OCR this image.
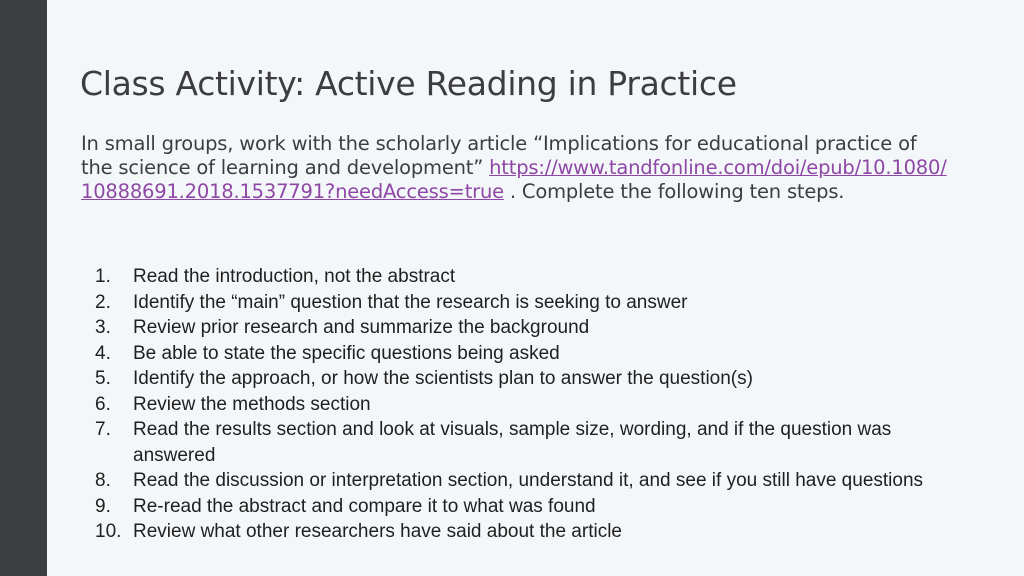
Class Activity: Active Reading in Practice

In small groups, work with the scholarly article “Implications for educational practice of the science of learning and development” https://www.tandfonline.com/doi/epub/10.1080/10888691.2018.1537791?needAccess=true . Complete the following ten steps.

1.	Read the introduction, not the abstract
2.	Identify the “main” question that the research is seeking to answer
3.	Review prior research and summarize the background
4.	Be able to state the specific questions being asked
5.	Identify the approach, or how the scientists plan to answer the question(s)
6.	Review the methods section
7.	Read the results section and look at visuals, sample size, wording, and if the question was answered
8.	Read the discussion or interpretation section, understand it, and see if you still have questions
9.	Re-read the abstract and compare it to what was found
10. Review what other researchers have said about the article
